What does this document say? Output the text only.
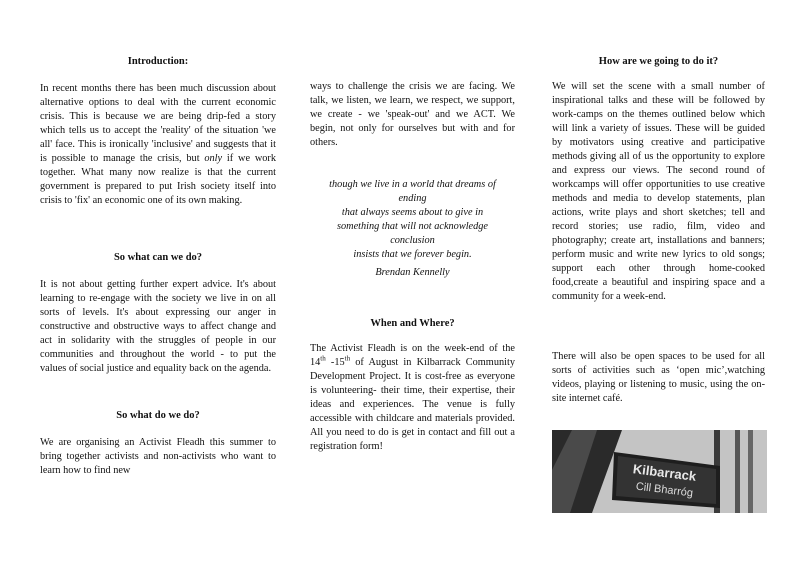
Introduction:

In recent months there has been much discussion about alternative options to deal with the current economic crisis. This is because we are being drip-fed a story which tells us to accept the 'reality' of the situation 'we all' face. This is ironically 'inclusive' and suggests that it is possible to manage the crisis, but only if we work together. What many now realize is that the current government is prepared to put Irish society itself into crisis to 'fix' an economic one of its own making.

So what can we do?

It is not about getting further expert advice. It's about learning to re-engage with the society we live in on all sorts of levels. It's about expressing our anger in constructive and obstructive ways to affect change and act in solidarity with the struggles of people in our communities and throughout the world - to put the values of social justice and equality back on the agenda.

So what do we do?

We are organising an Activist Fleadh this summer to bring together activists and non-activists who want to learn how to find new

ways to challenge the crisis we are facing. We talk, we listen, we learn, we respect, we support, we create - we 'speak-out' and we ACT. We begin, not only for ourselves but with and for others.

though we live in a world that dreams of
ending
that always seems about to give in
something that will not acknowledge
conclusion
insists that we forever begin.
Brendan Kennelly
When and Where?

The Activist Fleadh is on the week-end of the 14th -15th of August in Kilbarrack Community Development Project. It is cost-free as everyone is volunteering- their time, their expertise, their ideas and experiences. The venue is fully accessible with childcare and materials provided. All you need to do is get in contact and fill out a registration form!

How are we going to do it?

We will set the scene with a small number of inspirational talks and these will be followed by work-camps on the themes outlined below which will link a variety of issues. These will be guided by motivators using creative and participative methods giving all of us the opportunity to explore and express our views. The second round of workcamps will offer opportunities to use creative methods and media to develop statements, plan actions, write plays and short sketches; tell and record stories; use radio, film, video and photography; create art, installations and banners; perform music and write new lyrics to old songs; support each other through home-cooked food,create a beautiful and inspiring space and a community for a week-end.

There will also be open spaces to be used for all sorts of activities such as ‘open mic’,watching videos, playing or listening to music, using the on-site internet café.

Kilbarrack
Cill Bharróg
